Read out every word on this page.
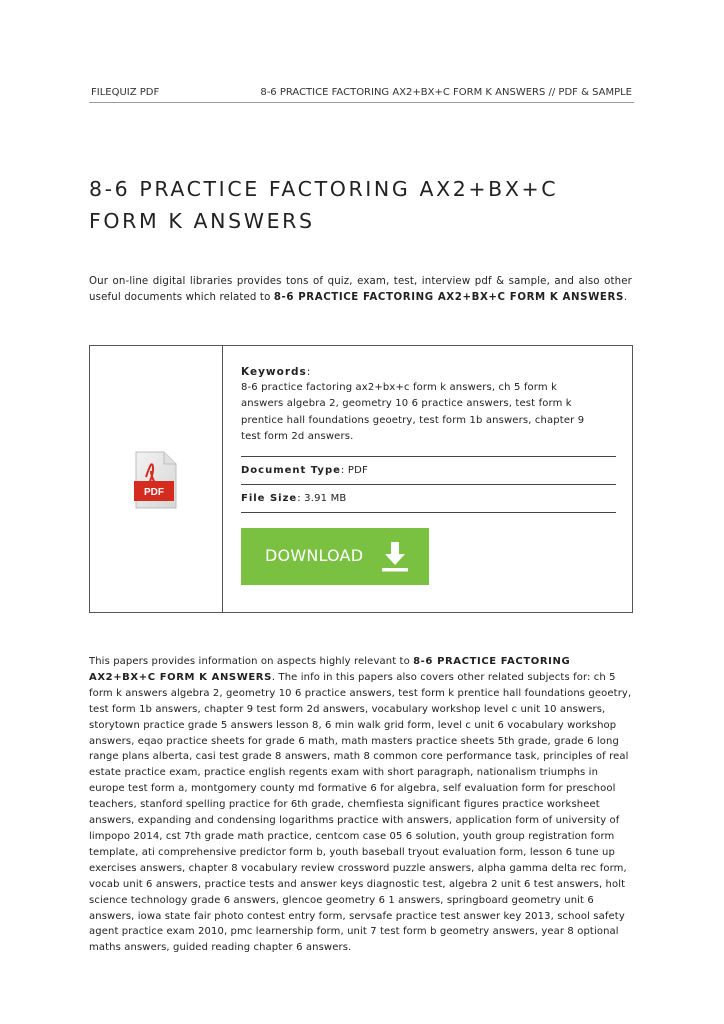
FILEQUIZ PDF	8-6 PRACTICE FACTORING AX2+BX+C FORM K ANSWERS // PDF & SAMPLE
8-6 PRACTICE FACTORING AX2+BX+C FORM K ANSWERS
Our on-line digital libraries provides tons of quiz, exam, test, interview pdf & sample, and also other useful documents which related to 8-6 PRACTICE FACTORING AX2+BX+C FORM K ANSWERS.
PDF
Keywords:
8-6 practice factoring ax2+bx+c form k answers, ch 5 form k answers algebra 2, geometry 10 6 practice answers, test form k prentice hall foundations geoetry, test form 1b answers, chapter 9 test form 2d answers.
Document Type: PDF
File Size: 3.91 MB
DOWNLOAD
This papers provides information on aspects highly relevant to 8-6 PRACTICE FACTORING AX2+BX+C FORM K ANSWERS. The info in this papers also covers other related subjects for: ch 5 form k answers algebra 2, geometry 10 6 practice answers, test form k prentice hall foundations geoetry, test form 1b answers, chapter 9 test form 2d answers, vocabulary workshop level c unit 10 answers, storytown practice grade 5 answers lesson 8, 6 min walk grid form, level c unit 6 vocabulary workshop answers, eqao practice sheets for grade 6 math, math masters practice sheets 5th grade, grade 6 long range plans alberta, casi test grade 8 answers, math 8 common core performance task, principles of real estate practice exam, practice english regents exam with short paragraph, nationalism triumphs in europe test form a, montgomery county md formative 6 for algebra, self evaluation form for preschool teachers, stanford spelling practice for 6th grade, chemfiesta significant figures practice worksheet answers, expanding and condensing logarithms practice with answers, application form of university of limpopo 2014, cst 7th grade math practice, centcom case 05 6 solution, youth group registration form template, ati comprehensive predictor form b, youth baseball tryout evaluation form, lesson 6 tune up exercises answers, chapter 8 vocabulary review crossword puzzle answers, alpha gamma delta rec form, vocab unit 6 answers, practice tests and answer keys diagnostic test, algebra 2 unit 6 test answers, holt science technology grade 6 answers, glencoe geometry 6 1 answers, springboard geometry unit 6 answers, iowa state fair photo contest entry form, servsafe practice test answer key 2013, school safety agent practice exam 2010, pmc learnership form, unit 7 test form b geometry answers, year 8 optional maths answers, guided reading chapter 6 answers.
